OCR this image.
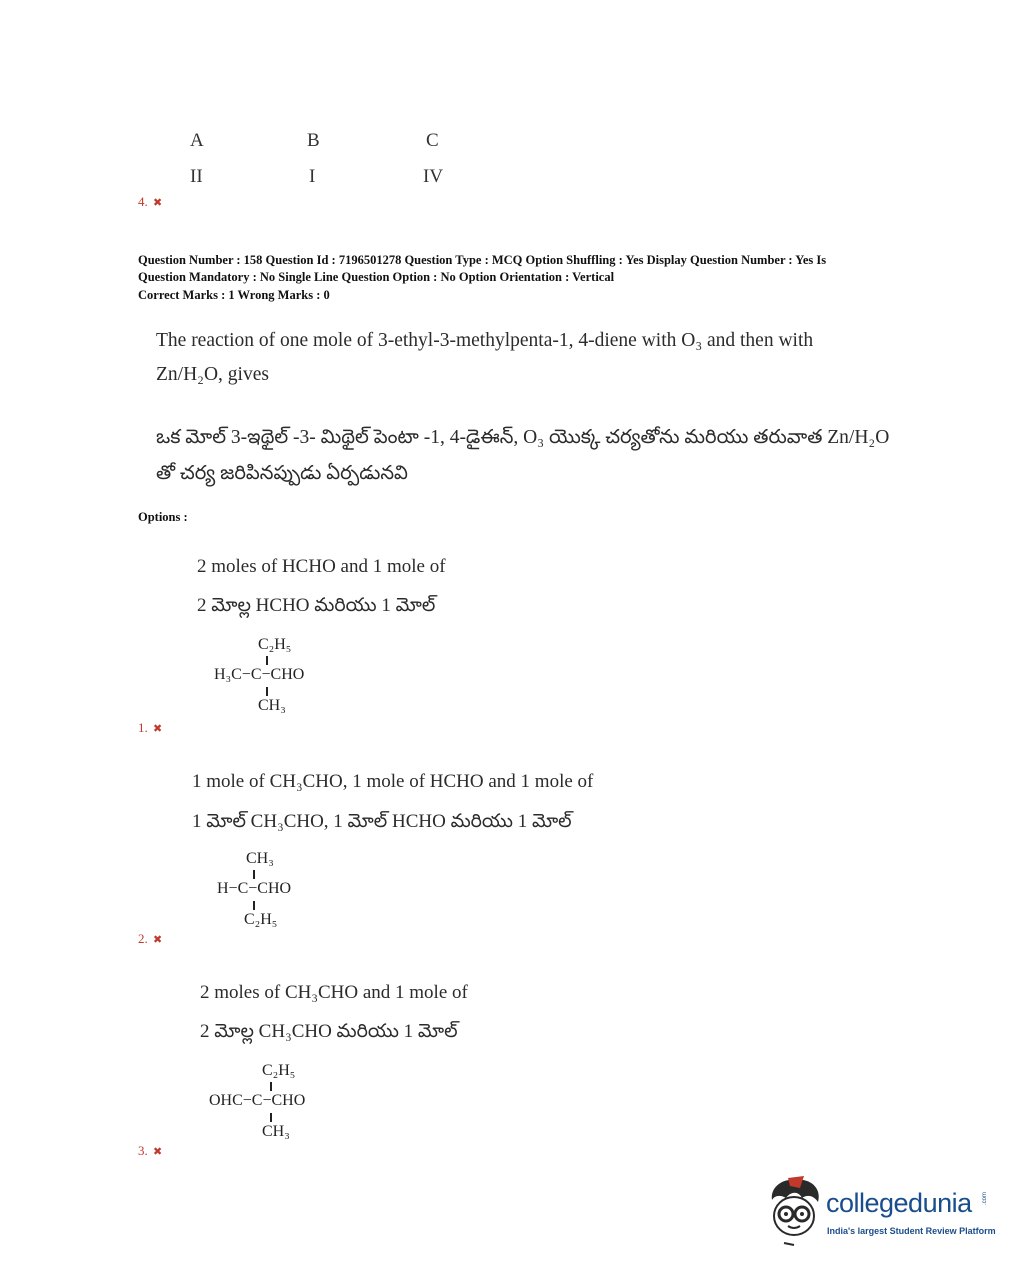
A	B	C
II	I	IV
4. ✖
Question Number : 158 Question Id : 7196501278 Question Type : MCQ Option Shuffling : Yes Display Question Number : Yes Is
Question Mandatory : No Single Line Question Option : No Option Orientation : Vertical
Correct Marks : 1 Wrong Marks : 0
The reaction of one mole of 3-ethyl-3-methylpenta-1, 4-diene with O₃ and then with
Zn/H₂O, gives
ఒక మోల్ 3-ఇథైల్ -3- మిథైల్ పెంటా -1, 4-డైఈన్, O₃ యొక్క చర్యతోను మరియు తరువాత Zn/H₂O
తో చర్య జరిపినప్పుడు ఏర్పడునవి
Options :
2 moles of HCHO and 1 mole of
2 మోల్ల HCHO మరియు 1 మోల్
C₂H₅
H₃C−C−CHO
CH₃
1. ✖
1 mole of CH₃CHO, 1 mole of HCHO and 1 mole of
1 మోల్ CH₃CHO, 1 మోల్ HCHO మరియు 1 మోల్
CH₃
H−C−CHO
C₂H₅
2. ✖
2 moles of CH₃CHO and 1 mole of
2 మోల్ల CH₃CHO మరియు 1 మోల్
C₂H₅
OHC−C−CHO
CH₃
3. ✖
collegedunia .com
India's largest Student Review Platform
